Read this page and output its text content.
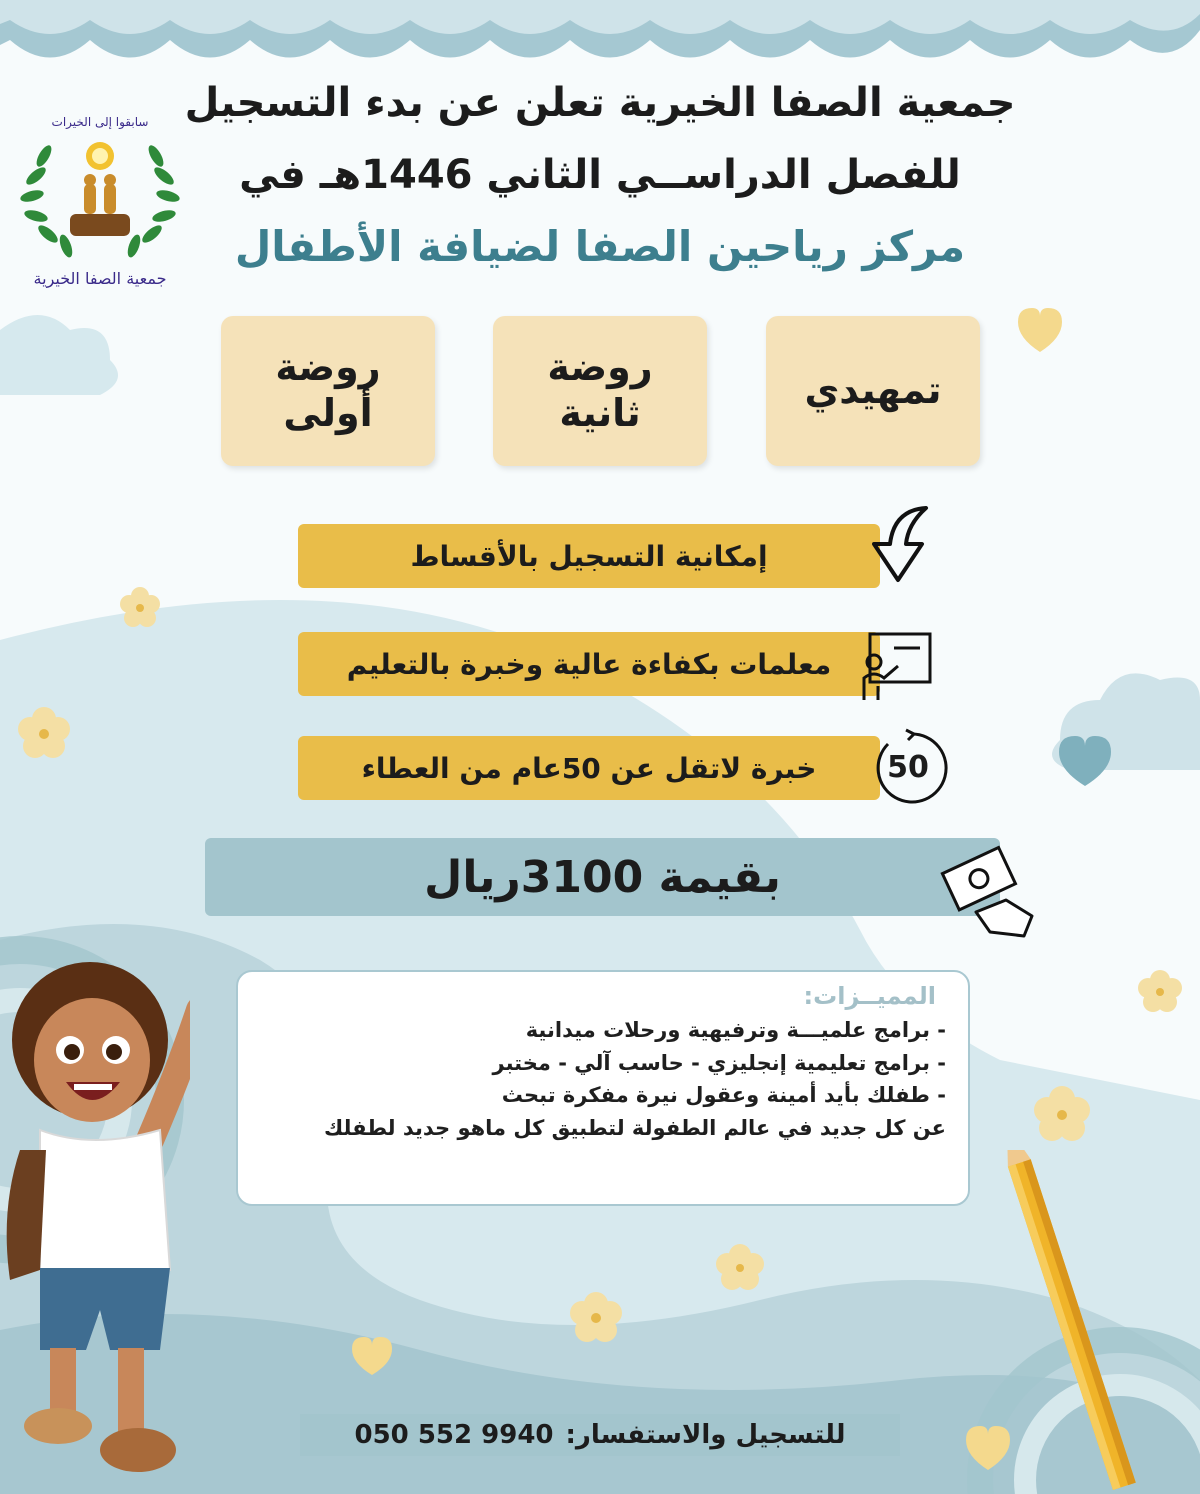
سابقوا إلى الخيرات
جمعية الصفا الخيرية
جمعية الصفا الخيرية تعلن عن بدء التسجيل
للفصل الدراســي الثاني 1446هـ في
مركز رياحين الصفا لضيافة الأطفال
تمهيدي
روضة
ثانية
روضة
أولى
إمكانية التسجيل بالأقساط
معلمات بكفاءة عالية وخبرة بالتعليم
خبرة لاتقل عن 50عام من العطاء 50
بقيمة 3100ريال
المميــزات:
- برامج علميـــة وترفيهية ورحلات ميدانية
- برامج تعليمية إنجليزي - حاسب آلي - مختبر
- طفلك بأيد أمينة وعقول نيرة مفكرة تبحث
عن كل جديد في عالم الطفولة لتطبيق كل ماهو جديد لطفلك
للتسجيل والاستفسار:
050 552 9940
